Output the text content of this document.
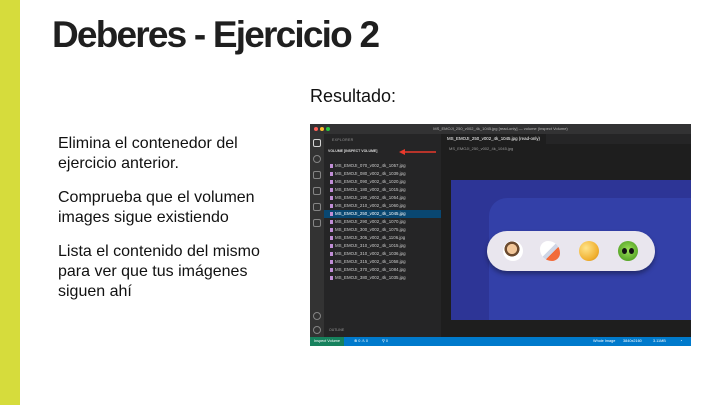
Deberes - Ejercicio 2
Resultado:

Elimina el contenedor del ejercicio anterior.

Comprueba que el volumen images sigue existiendo

Lista el contenido del mismo para ver que tus imágenes siguen ahí

MS_EMOJI_250_v002_4k_1045.jpg [read-only] — volume (Inspect Volume)
EXPLORER
VOLUME [INSPECT VOLUME]
MS_EMOJI_070_v002_4k_1057.jpg
MS_EMOJI_080_v002_4k_1039.jpg
MS_EMOJI_090_v002_4k_1020.jpg
MS_EMOJI_180_v002_4k_1015.jpg
MS_EMOJI_190_v002_4k_1054.jpg
MS_EMOJI_210_v002_4k_1060.jpg
MS_EMOJI_250_v002_4k_1045.jpg
MS_EMOJI_290_v002_4k_1070.jpg
MS_EMOJI_300_v002_4k_1075.jpg
MS_EMOJI_305_v002_4k_1106.jpg
MS_EMOJI_310_v002_4k_1015.jpg
MS_EMOJI_310_v002_4k_1036.jpg
MS_EMOJI_315_v002_4k_1058.jpg
MS_EMOJI_370_v002_4k_1084.jpg
MS_EMOJI_380_v002_4k_1035.jpg
OUTLINE
MS_EMOJI_250_v002_4k_1045.jpg (read-only)
MS_EMOJI_250_v002_4k_1045.jpg
Inspect Volume	⊗ 0 ⚠ 0	⚲ 0	Whole Image 3840x2160	3.11MB	◔
